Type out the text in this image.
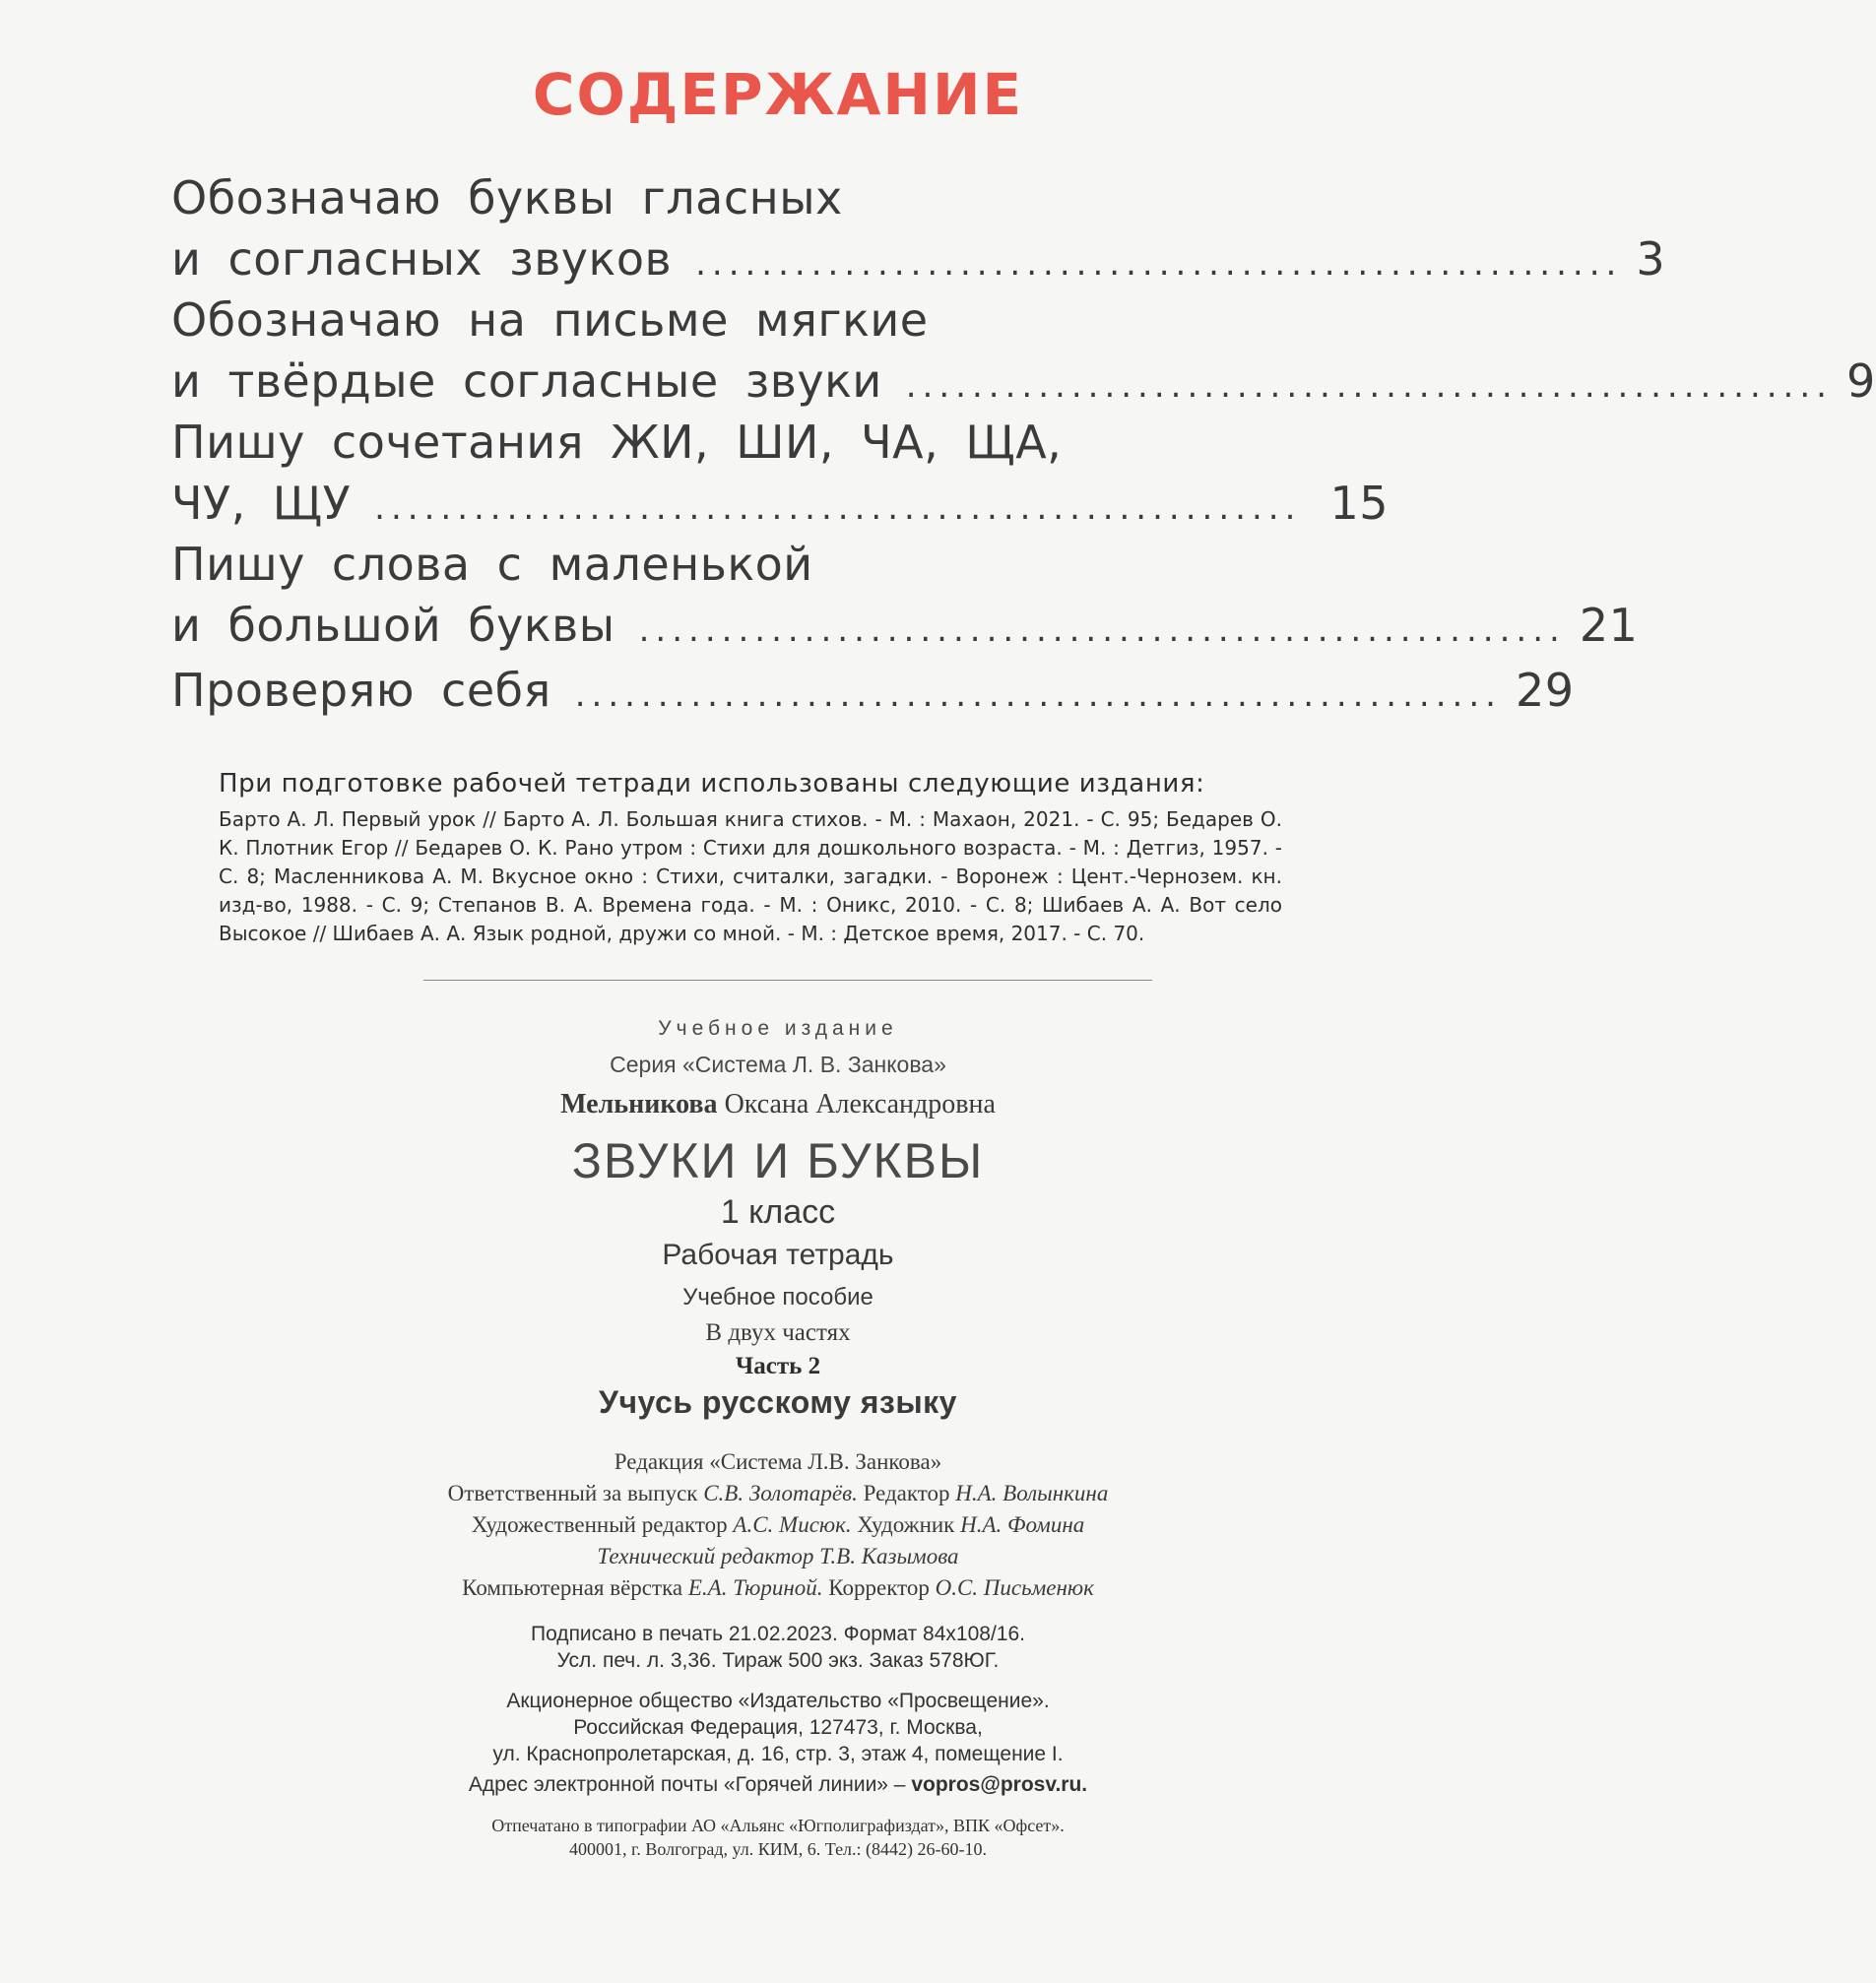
СОДЕРЖАНИЕ
Обозначаю буквы гласных
и согласных звуков ........................................................ 3
Обозначаю на письме мягкие
и твёрдые согласные звуки ........................................................ 9
Пишу сочетания ЖИ, ШИ, ЧА, ЩА,
ЧУ, ЩУ ........................................................ 15
Пишу слова с маленькой
и большой буквы ........................................................ 21
Проверяю себя ........................................................ 29
При подготовке рабочей тетради использованы следующие издания:
Барто А. Л. Первый урок // Барто А. Л. Большая книга стихов. - М. : Махаон, 2021. - С. 95; Бедарев О. К. Плотник Егор // Бедарев О. К. Рано утром : Стихи для дошкольного возраста. - М. : Детгиз, 1957. - С. 8; Масленникова А. М. Вкусное окно : Стихи, считалки, загадки. - Воронеж : Цент.-Чернозем. кн. изд-во, 1988. - С. 9; Степанов В. А. Времена года. - М. : Оникс, 2010. - С. 8; Шибаев А. А. Вот село Высокое // Шибаев А. А. Язык родной, дружи со мной. - М. : Детское время, 2017. - С. 70.
Учебное издание
Серия «Система Л. В. Занкова»
Мельникова Оксана Александровна
ЗВУКИ И БУКВЫ
1 класс
Рабочая тетрадь
Учебное пособие
В двух частях
Часть 2
Учусь русскому языку
Редакция «Система Л.В. Занкова»
Ответственный за выпуск С.В. Золотарёв. Редактор Н.А. Волынкина
Художественный редактор А.С. Мисюк. Художник Н.А. Фомина
Технический редактор Т.В. Казымова
Компьютерная вёрстка Е.А. Тюриной. Корректор О.С. Письменюк
Подписано в печать 21.02.2023. Формат 84х108/16.
Усл. печ. л. 3,36. Тираж 500 экз. Заказ 578ЮГ.
Акционерное общество «Издательство «Просвещение».
Российская Федерация, 127473, г. Москва,
ул. Краснопролетарская, д. 16, стр. 3, этаж 4, помещение I.
Адрес электронной почты «Горячей линии» – vopros@prosv.ru.
Отпечатано в типографии АО «Альянс «Югполиграфиздат», ВПК «Офсет».
400001, г. Волгоград, ул. КИМ, 6. Тел.: (8442) 26-60-10.
